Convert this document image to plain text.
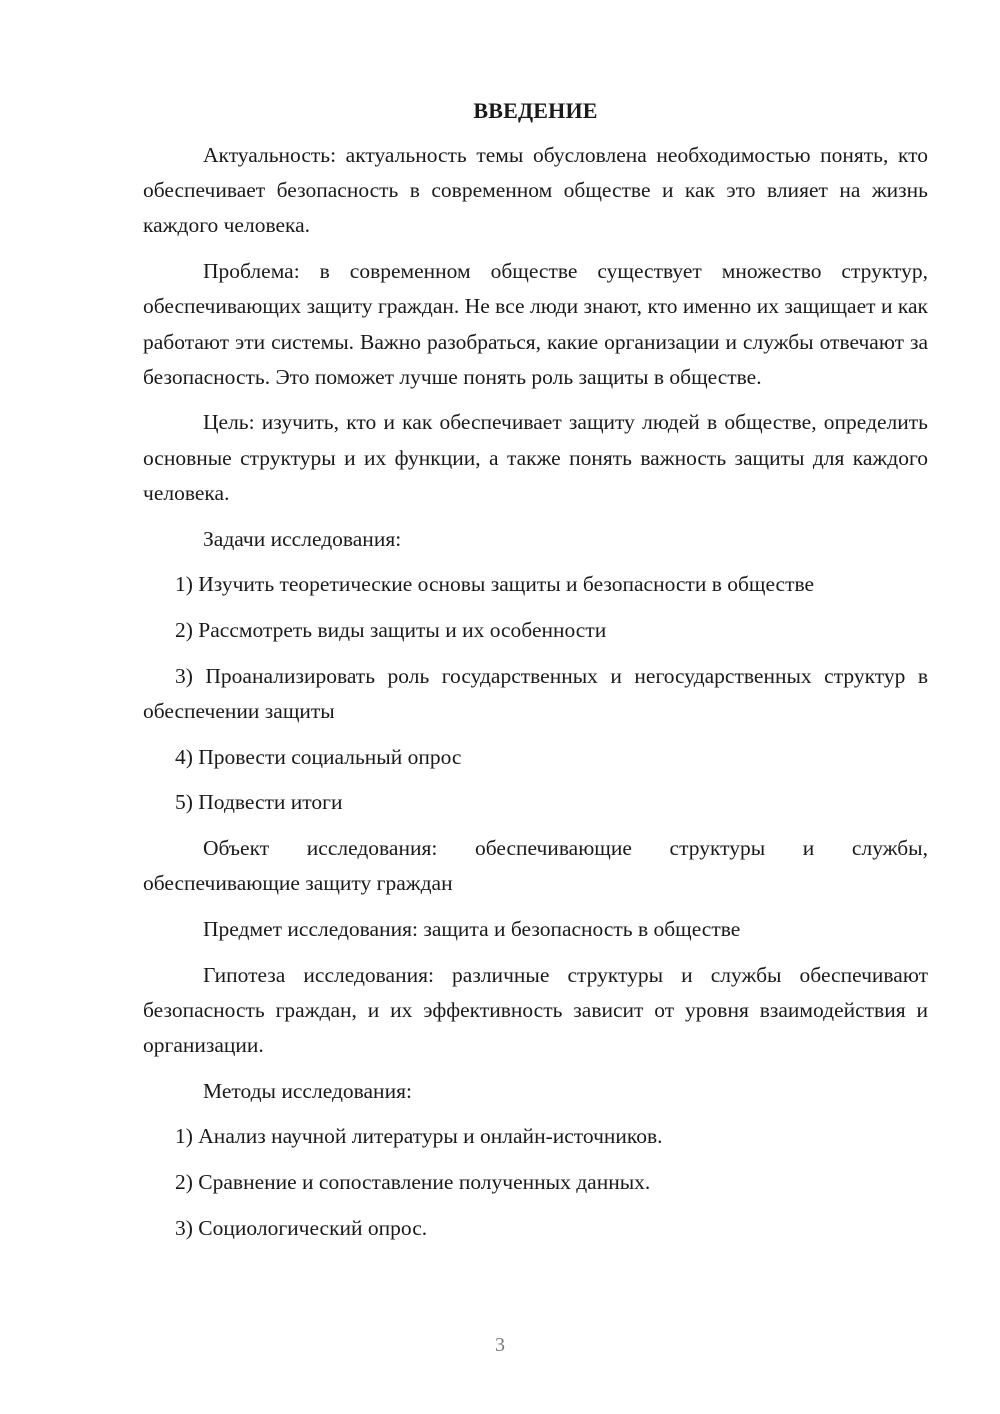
ВВЕДЕНИЕ

Актуальность: актуальность темы обусловлена необходимостью понять, кто обеспечивает безопасность в современном обществе и как это влияет на жизнь каждого человека.

Проблема: в современном обществе существует множество структур, обеспечивающих защиту граждан. Не все люди знают, кто именно их защищает и как работают эти системы. Важно разобраться, какие организации и службы отвечают за безопасность. Это поможет лучше понять роль защиты в обществе.

Цель: изучить, кто и как обеспечивает защиту людей в обществе, определить основные структуры и их функции, а также понять важность защиты для каждого человека.

Задачи исследования:

1) Изучить теоретические основы защиты и безопасности в обществе

2) Рассмотреть виды защиты и их особенности

3) Проанализировать роль государственных и негосударственных структур в обеспечении защиты

4) Провести социальный опрос

5) Подвести итоги

Объект исследования: обеспечивающие структуры и службы, обеспечивающие защиту граждан

Предмет исследования: защита и безопасность в обществе

Гипотеза исследования: различные структуры и службы обеспечивают безопасность граждан, и их эффективность зависит от уровня взаимодействия и организации.

Методы исследования:

1) Анализ научной литературы и онлайн-источников.

2) Сравнение и сопоставление полученных данных.

3) Социологический опрос.

3
